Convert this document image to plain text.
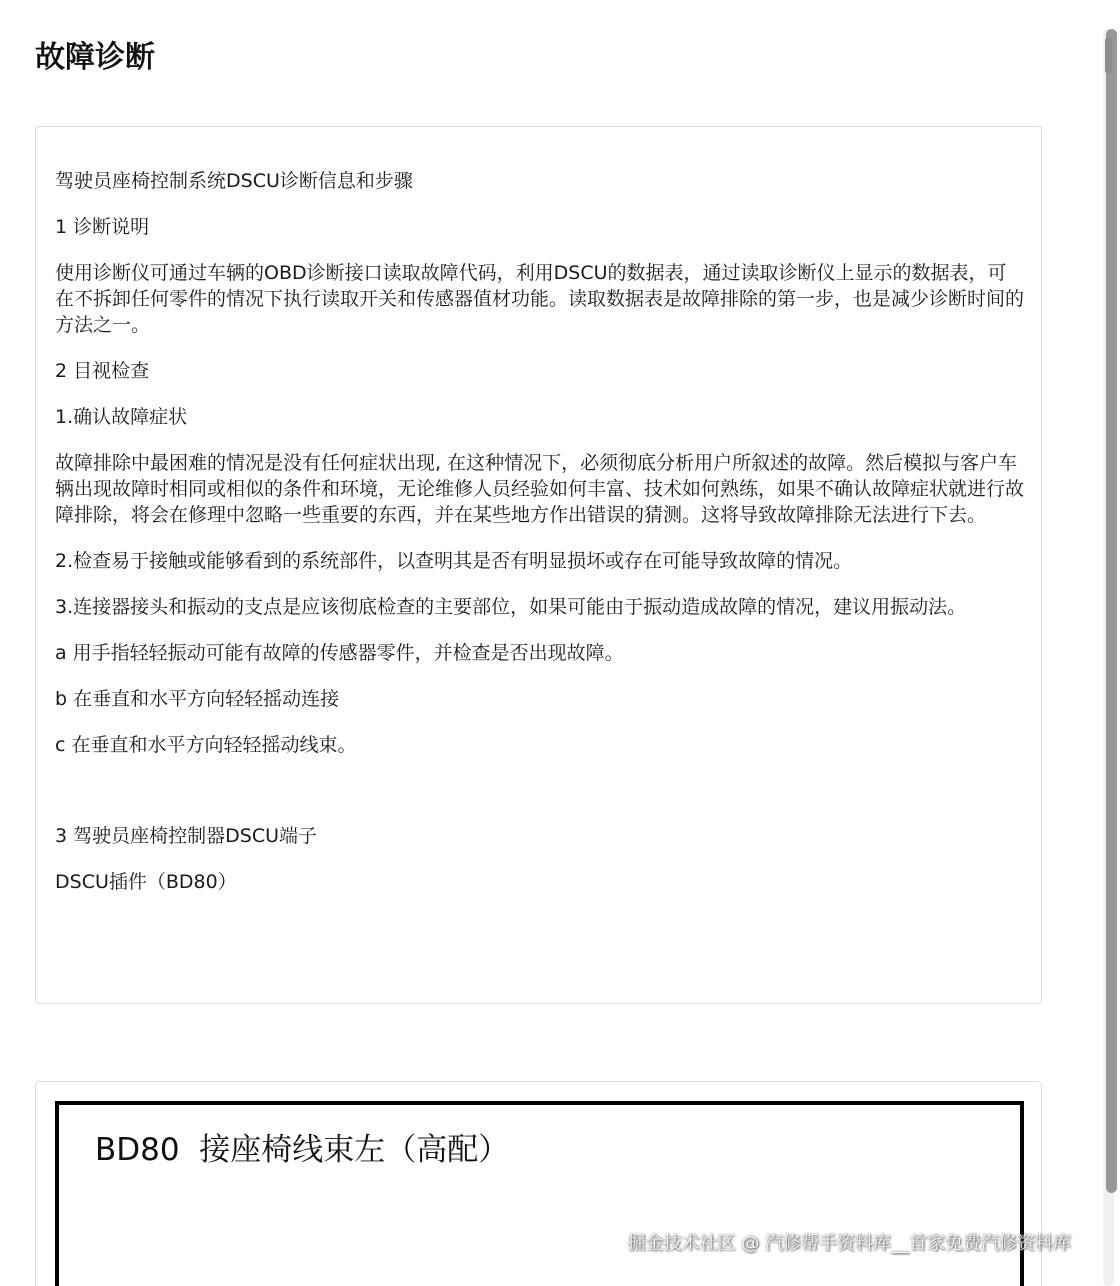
故障诊断

驾驶员座椅控制系统DSCU诊断信息和步骤

1 诊断说明

使用诊断仪可通过车辆的OBD诊断接口读取故障代码，利用DSCU的数据表，通过读取诊断仪上显示的数据表，可在不拆卸任何零件的情况下执行读取开关和传感器值材功能。读取数据表是故障排除的第一步，也是减少诊断时间的方法之一。

2 目视检查

1.确认故障症状

故障排除中最困难的情况是没有任何症状出现, 在这种情况下，必须彻底分析用户所叙述的故障。然后模拟与客户车辆出现故障时相同或相似的条件和环境，无论维修人员经验如何丰富、技术如何熟练，如果不确认故障症状就进行故障排除，将会在修理中忽略一些重要的东西，并在某些地方作出错误的猜测。这将导致故障排除无法进行下去。

2.检查易于接触或能够看到的系统部件，以查明其是否有明显损坏或存在可能导致故障的情况。

3.连接器接头和振动的支点是应该彻底检查的主要部位，如果可能由于振动造成故障的情况，建议用振动法。

a 用手指轻轻振动可能有故障的传感器零件，并检查是否出现故障。

b 在垂直和水平方向轻轻摇动连接

c 在垂直和水平方向轻轻摇动线束。

3 驾驶员座椅控制器DSCU端子

DSCU插件（BD80）

BD80  接座椅线束左（高配）
掘金技术社区 @ 汽修帮手资料库__首家免费汽修资料库
